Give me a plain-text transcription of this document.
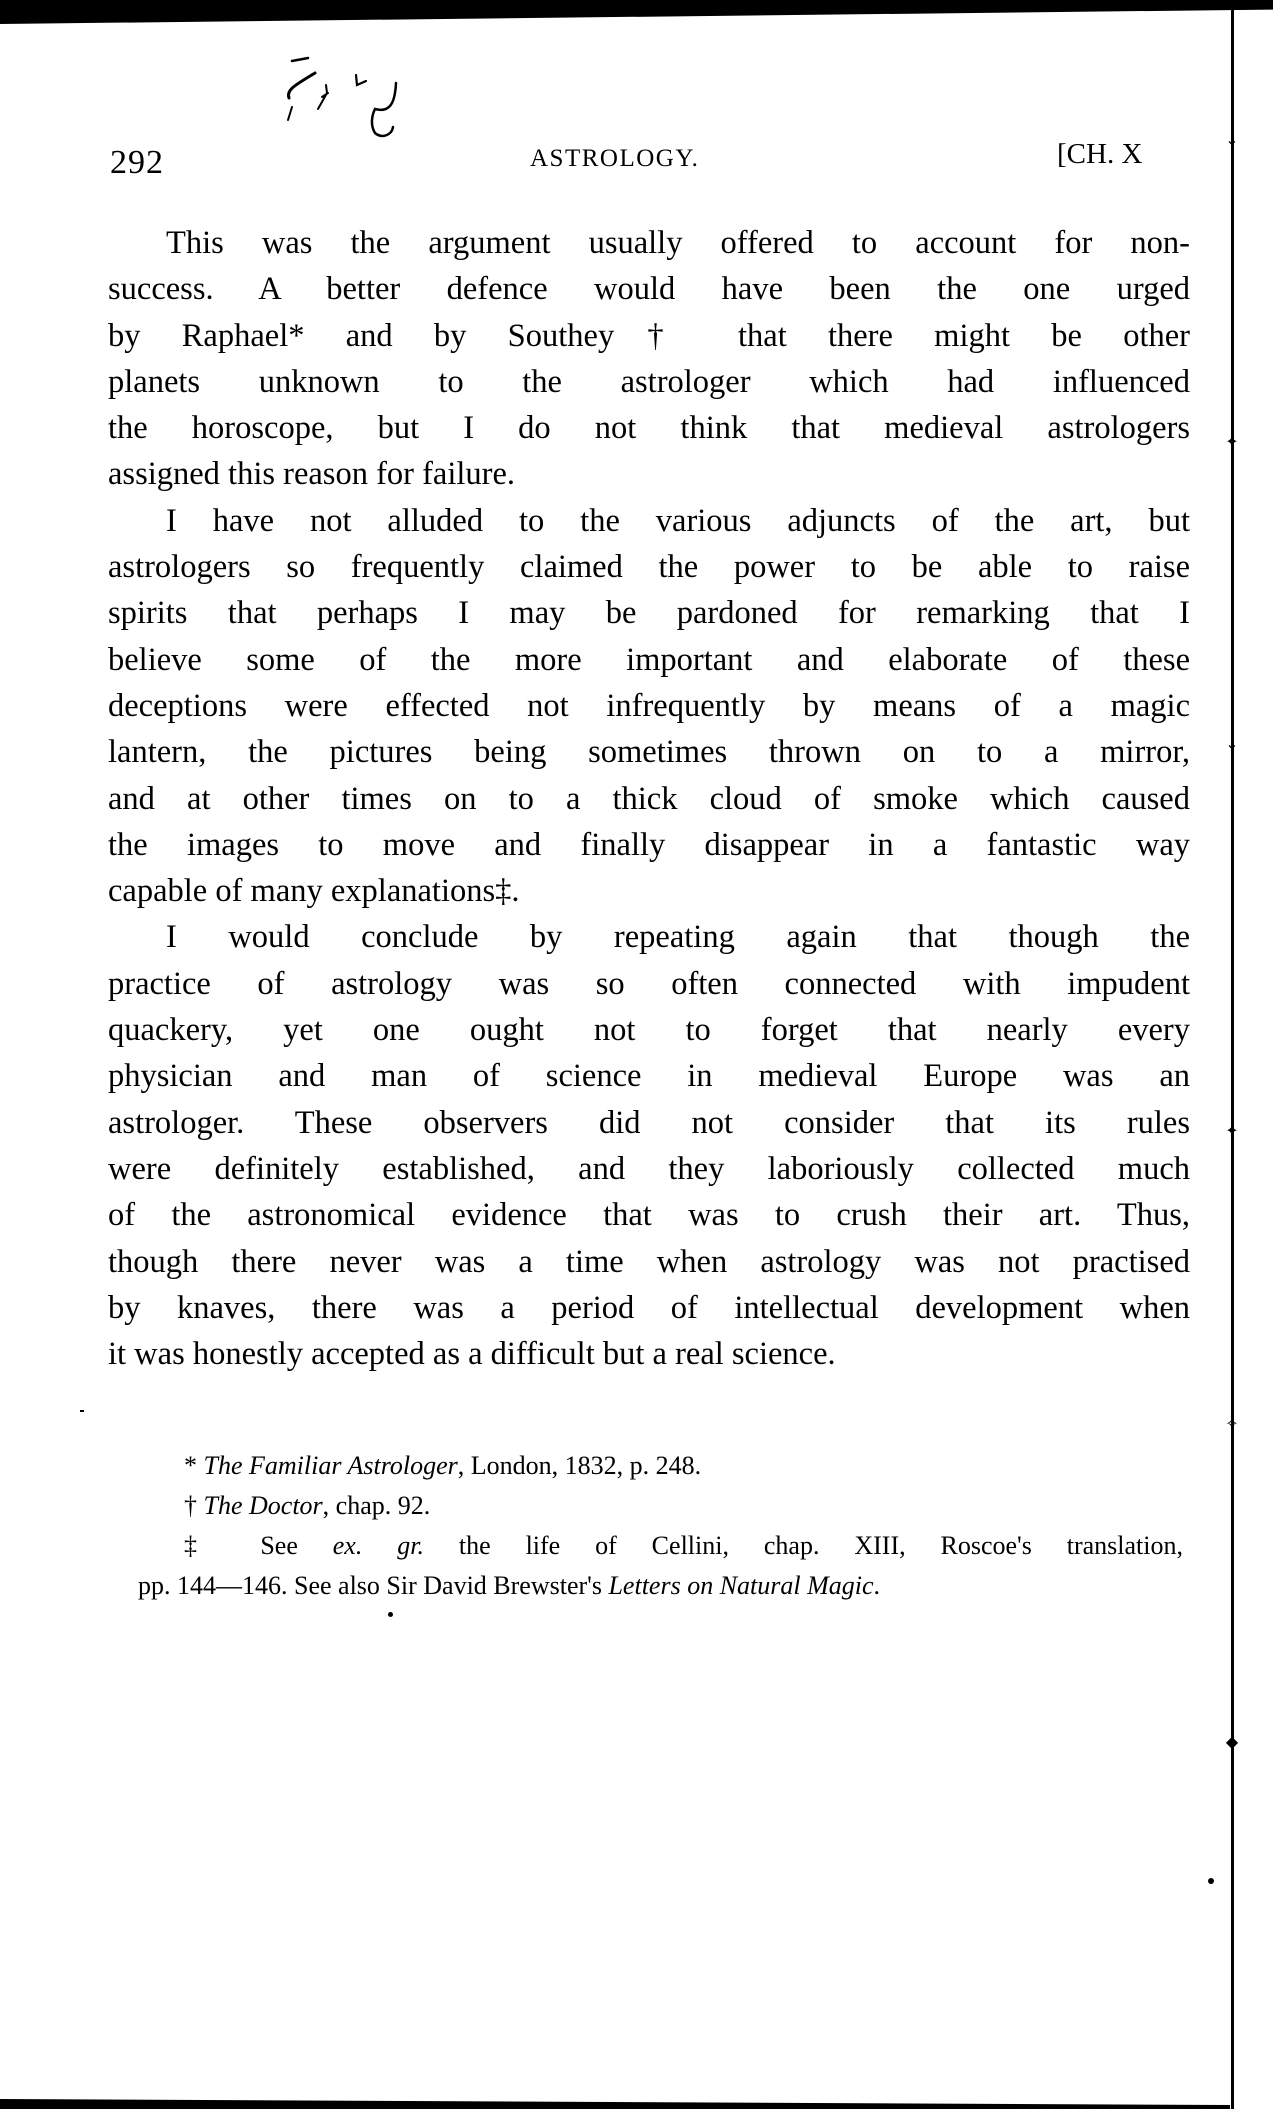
⌄
✦
⌄
✦
✧
◆
292	ASTROLOGY.	[CH. X
This was the argument usually offered to account for non-
success. A better defence would have been the one urged
by Raphael* and by Southey† that there might be other
planets unknown to the astrologer which had influenced
the horoscope, but I do not think that medieval astrologers
assigned this reason for failure.
I have not alluded to the various adjuncts of the art, but
astrologers so frequently claimed the power to be able to raise
spirits that perhaps I may be pardoned for remarking that I
believe some of the more important and elaborate of these
deceptions were effected not infrequently by means of a magic
lantern, the pictures being sometimes thrown on to a mirror,
and at other times on to a thick cloud of smoke which caused
the images to move and finally disappear in a fantastic way
capable of many explanations‡.
I would conclude by repeating again that though the
practice of astrology was so often connected with impudent
quackery, yet one ought not to forget that nearly every
physician and man of science in medieval Europe was an
astrologer. These observers did not consider that its rules
were definitely established, and they laboriously collected much
of the astronomical evidence that was to crush their art. Thus,
though there never was a time when astrology was not practised
by knaves, there was a period of intellectual development when
it was honestly accepted as a difficult but a real science.
* The Familiar Astrologer, London, 1832, p. 248.
† The Doctor, chap. 92.
‡ See ex. gr. the life of Cellini, chap. XIII, Roscoe's translation,
pp. 144—146. See also Sir David Brewster's Letters on Natural Magic.
